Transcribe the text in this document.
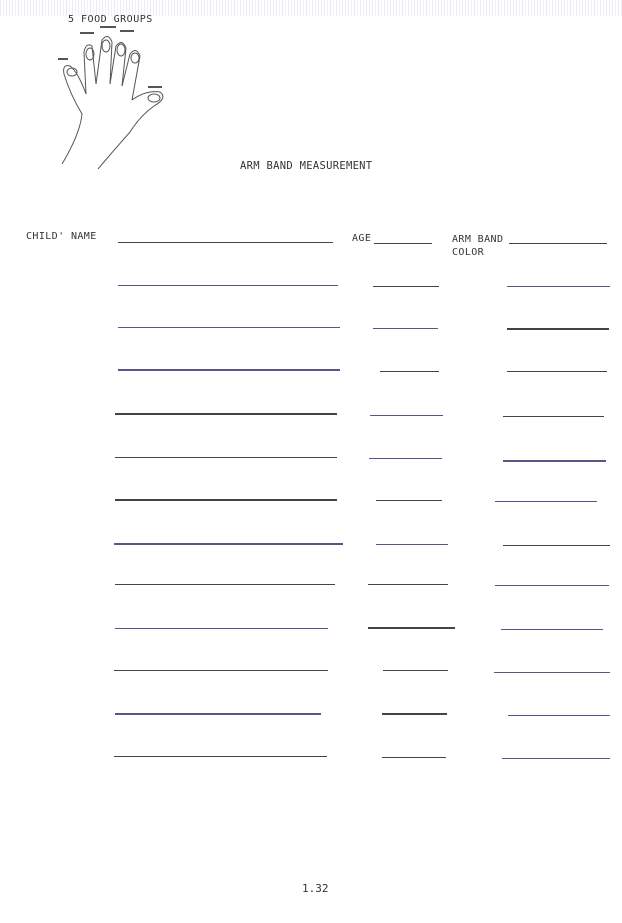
5 FOOD GROUPS
ARM BAND MEASUREMENT
CHILD' NAME	AGE	ARM BAND
COLOR
1.32
